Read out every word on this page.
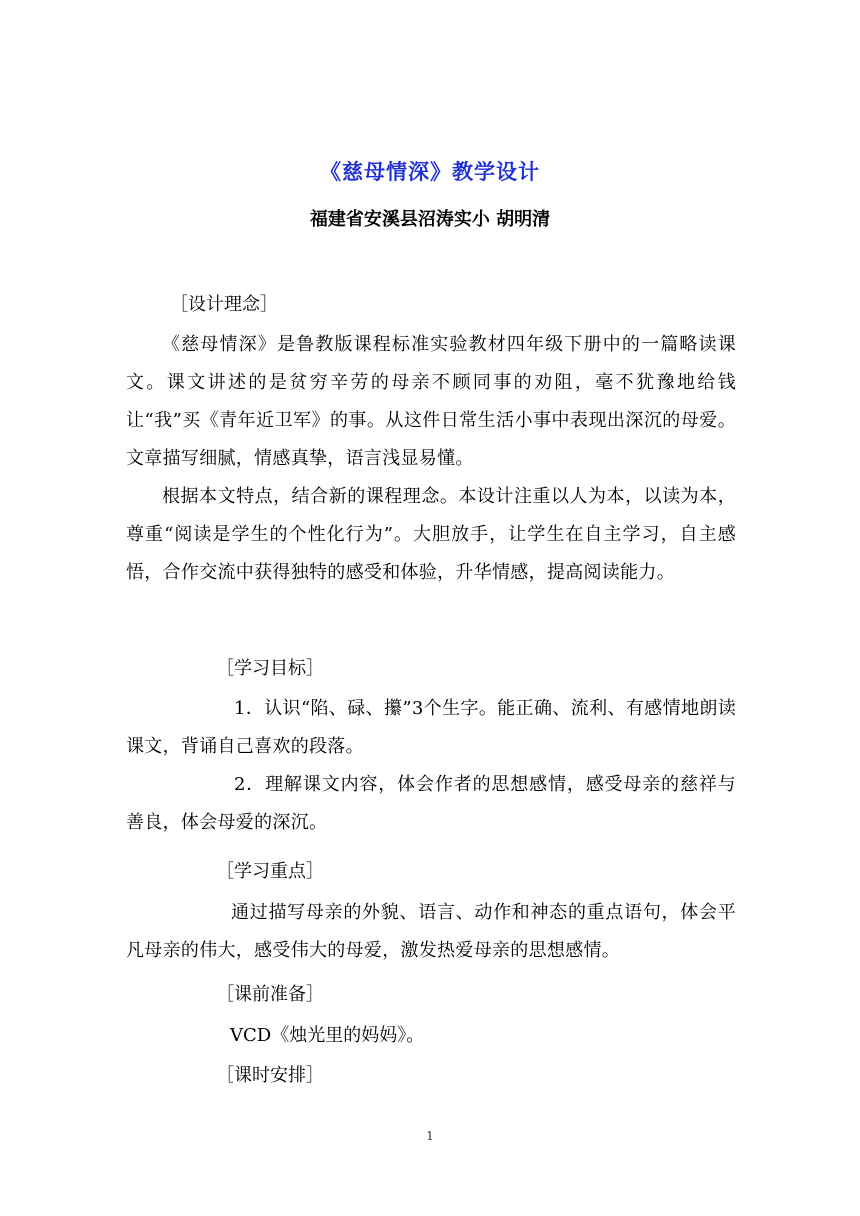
《慈母情深》教学设计
福建省安溪县沼涛实小 胡明清
［设计理念］

《慈母情深》是鲁教版课程标准实验教材四年级下册中的一篇略读课文。课文讲述的是贫穷辛劳的母亲不顾同事的劝阻，毫不犹豫地给钱让“我”买《青年近卫军》的事。从这件日常生活小事中表现出深沉的母爱。文章描写细腻，情感真挚，语言浅显易懂。

根据本文特点，结合新的课程理念。本设计注重以人为本，以读为本，尊重“阅读是学生的个性化行为”。大胆放手，让学生在自主学习，自主感悟，合作交流中获得独特的感受和体验，升华情感，提高阅读能力。

［学习目标］

1．认识“陷、碌、攥”3个生字。能正确、流利、有感情地朗读课文，背诵自己喜欢的段落。

2．理解课文内容，体会作者的思想感情，感受母亲的慈祥与善良，体会母爱的深沉。

［学习重点］

通过描写母亲的外貌、语言、动作和神态的重点语句，体会平凡母亲的伟大，感受伟大的母爱，激发热爱母亲的思想感情。

［课前准备］
VCD《烛光里的妈妈》。
［课时安排］
1
